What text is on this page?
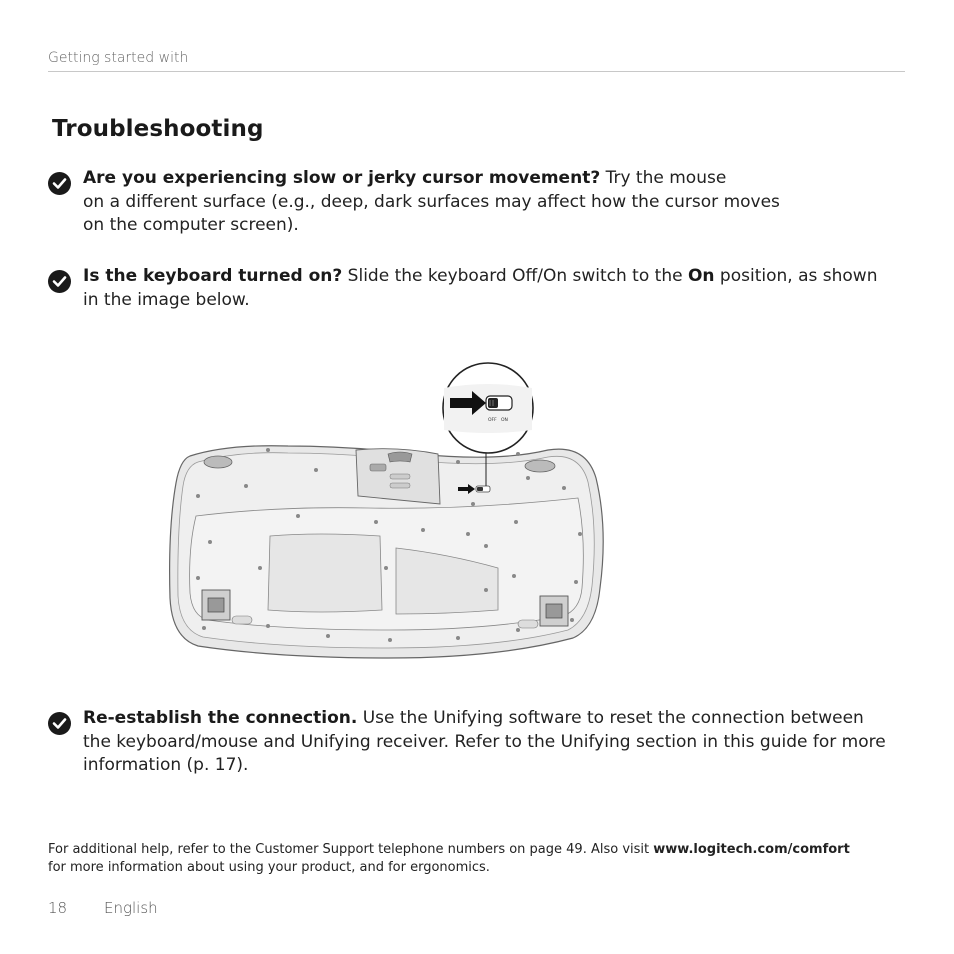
Getting started with
Troubleshooting
Are you experiencing slow or jerky cursor movement? Try the mouse
on a different surface (e.g., deep, dark surfaces may affect how the cursor moves
on the computer screen).
Is the keyboard turned on? Slide the keyboard Off/On switch to the On position, as shown
in the image below.
OFF ON
Re-establish the connection. Use the Unifying software to reset the connection between
the keyboard/mouse and Unifying receiver. Refer to the Unifying section in this guide for more
information (p. 17).
For additional help, refer to the Customer Support telephone numbers on page 49. Also visit www.logitech.com/comfort
for more information about using your product, and for ergonomics.
18 English
